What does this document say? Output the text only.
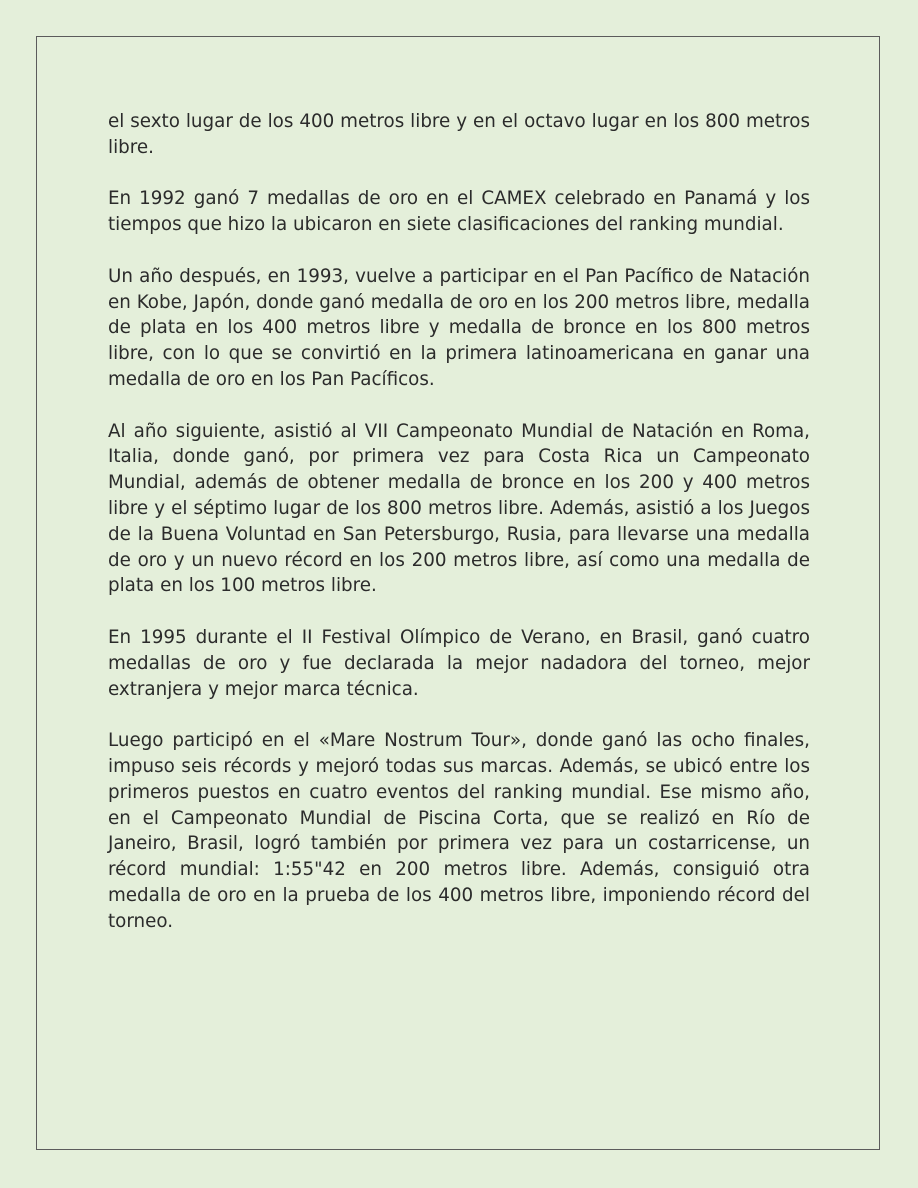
el sexto lugar de los 400 metros libre y en el octavo lugar en los 800 metros libre.

En 1992 ganó 7 medallas de oro en el CAMEX celebrado en Panamá y los tiempos que hizo la ubicaron en siete clasificaciones del ranking mundial.

Un año después, en 1993, vuelve a participar en el Pan Pacífico de Natación en Kobe, Japón, donde ganó medalla de oro en los 200 metros libre, medalla de plata en los 400 metros libre y medalla de bronce en los 800 metros libre, con lo que se convirtió en la primera latinoamericana en ganar una medalla de oro en los Pan Pacíficos.

Al año siguiente, asistió al VII Campeonato Mundial de Natación en Roma, Italia, donde ganó, por primera vez para Costa Rica un Campeonato Mundial, además de obtener medalla de bronce en los 200 y 400 metros libre y el séptimo lugar de los 800 metros libre. Además, asistió a los Juegos de la Buena Voluntad en San Petersburgo, Rusia, para llevarse una medalla de oro y un nuevo récord en los 200 metros libre, así como una medalla de plata en los 100 metros libre.

En 1995 durante el II Festival Olímpico de Verano, en Brasil, ganó cuatro medallas de oro y fue declarada la mejor nadadora del torneo, mejor extranjera y mejor marca técnica.

Luego participó en el «Mare Nostrum Tour», donde ganó las ocho finales, impuso seis récords y mejoró todas sus marcas. Además, se ubicó entre los primeros puestos en cuatro eventos del ranking mundial. Ese mismo año, en el Campeonato Mundial de Piscina Corta, que se realizó en Río de Janeiro, Brasil, logró también por primera vez para un costarricense, un récord mundial: 1:55"42 en 200 metros libre. Además, consiguió otra medalla de oro en la prueba de los 400 metros libre, imponiendo récord del torneo.
